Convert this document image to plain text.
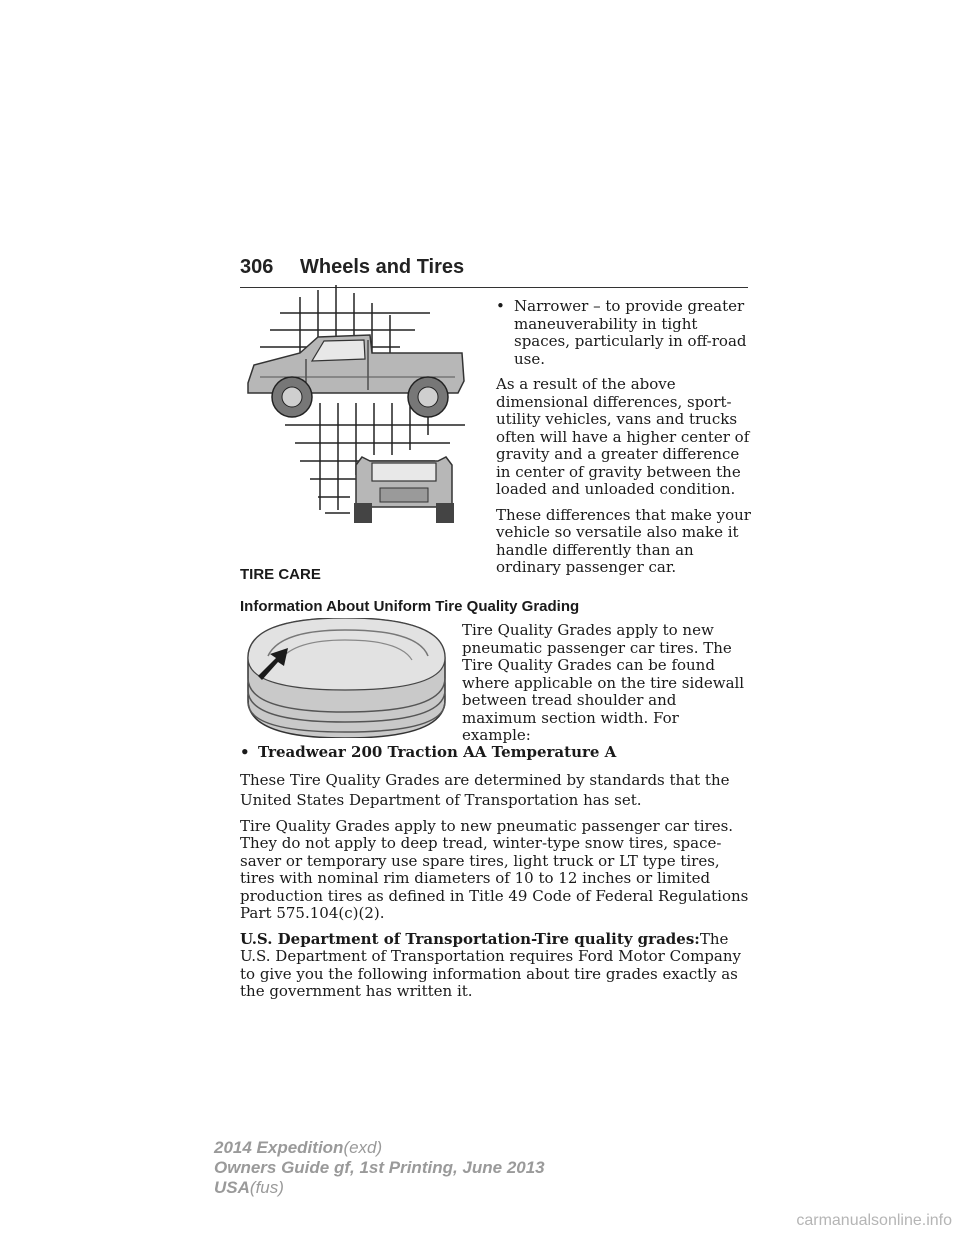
306 Wheels and Tires
• Narrower – to provide greater maneuverability in tight spaces, particularly in off-road use.

As a result of the above dimensional differences, sport-utility vehicles, vans and trucks often will have a higher center of gravity and a greater difference in center of gravity between the loaded and unloaded condition.

These differences that make your vehicle so versatile also make it handle differently than an ordinary passenger car.

TIRE CARE

Information About Uniform Tire Quality Grading

Tire Quality Grades apply to new pneumatic passenger car tires. The Tire Quality Grades can be found where applicable on the tire sidewall between tread shoulder and maximum section width. For example:

• Treadwear 200 Traction AA Temperature A

These Tire Quality Grades are determined by standards that the United States Department of Transportation has set.

Tire Quality Grades apply to new pneumatic passenger car tires. They do not apply to deep tread, winter-type snow tires, space-saver or temporary use spare tires, light truck or LT type tires, tires with nominal rim diameters of 10 to 12 inches or limited production tires as defined in Title 49 Code of Federal Regulations Part 575.104(c)(2).

U.S. Department of Transportation-Tire quality grades:The U.S. Department of Transportation requires Ford Motor Company to give you the following information about tire grades exactly as the government has written it.

2014 Expedition(exd)
Owners Guide gf, 1st Printing, June 2013
USA(fus)
carmanualsonline.info
